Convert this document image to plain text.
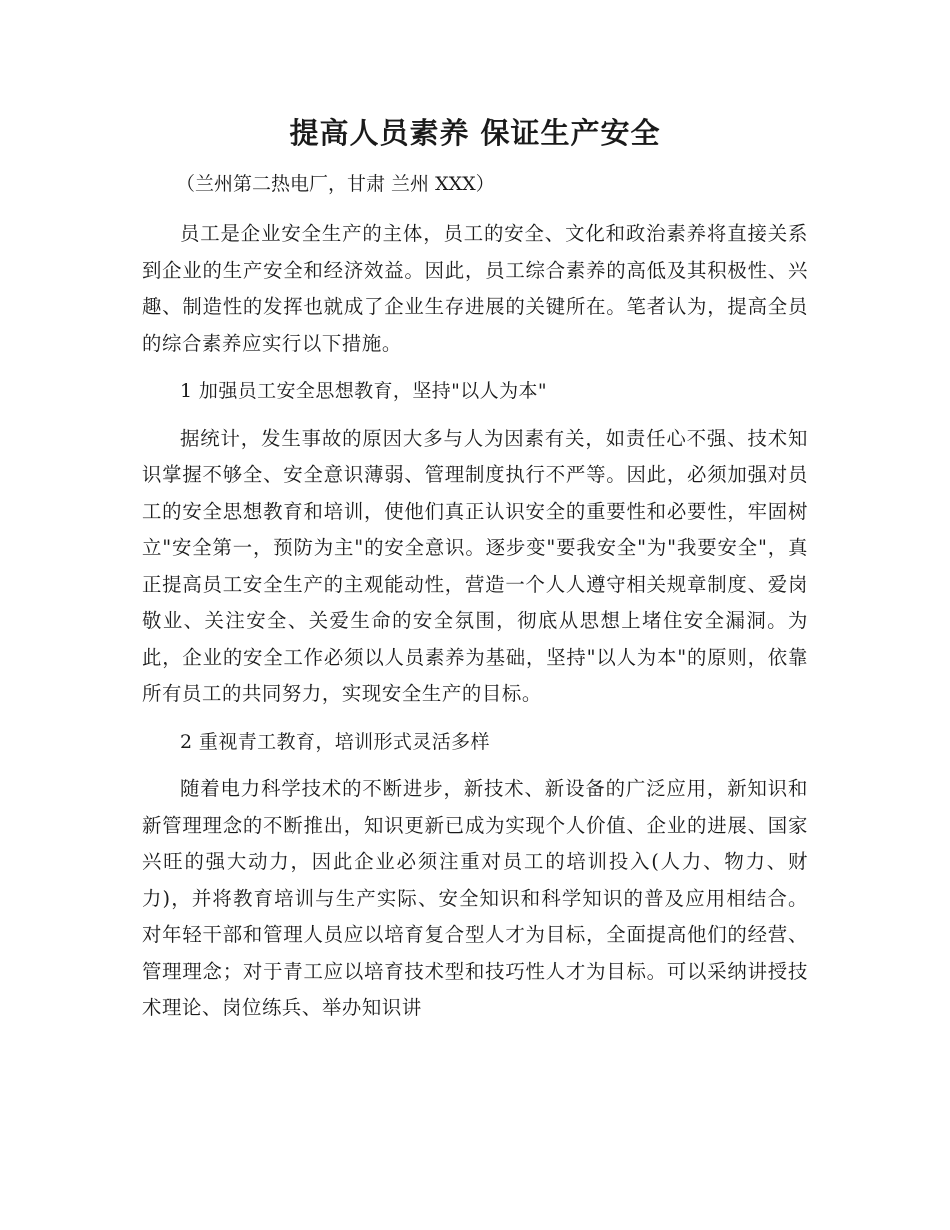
提高人员素养 保证生产安全

（兰州第二热电厂，甘肃 兰州 XXX）

员工是企业安全生产的主体，员工的安全、文化和政治素养将直接关系到企业的生产安全和经济效益。因此，员工综合素养的高低及其积极性、兴趣、制造性的发挥也就成了企业生存进展的关键所在。笔者认为，提高全员的综合素养应实行以下措施。

1 加强员工安全思想教育，坚持"以人为本"

据统计，发生事故的原因大多与人为因素有关，如责任心不强、技术知识掌握不够全、安全意识薄弱、管理制度执行不严等。因此，必须加强对员工的安全思想教育和培训，使他们真正认识安全的重要性和必要性，牢固树立"安全第一，预防为主"的安全意识。逐步变"要我安全"为"我要安全"，真正提高员工安全生产的主观能动性，营造一个人人遵守相关规章制度、爱岗敬业、关注安全、关爱生命的安全氛围，彻底从思想上堵住安全漏洞。为此，企业的安全工作必须以人员素养为基础，坚持"以人为本"的原则，依靠所有员工的共同努力，实现安全生产的目标。

2 重视青工教育，培训形式灵活多样

随着电力科学技术的不断进步，新技术、新设备的广泛应用，新知识和新管理理念的不断推出，知识更新已成为实现个人价值、企业的进展、国家兴旺的强大动力，因此企业必须注重对员工的培训投入(人力、物力、财力)，并将教育培训与生产实际、安全知识和科学知识的普及应用相结合。对年轻干部和管理人员应以培育复合型人才为目标，全面提高他们的经营、管理理念；对于青工应以培育技术型和技巧性人才为目标。可以采纳讲授技术理论、岗位练兵、举办知识讲
